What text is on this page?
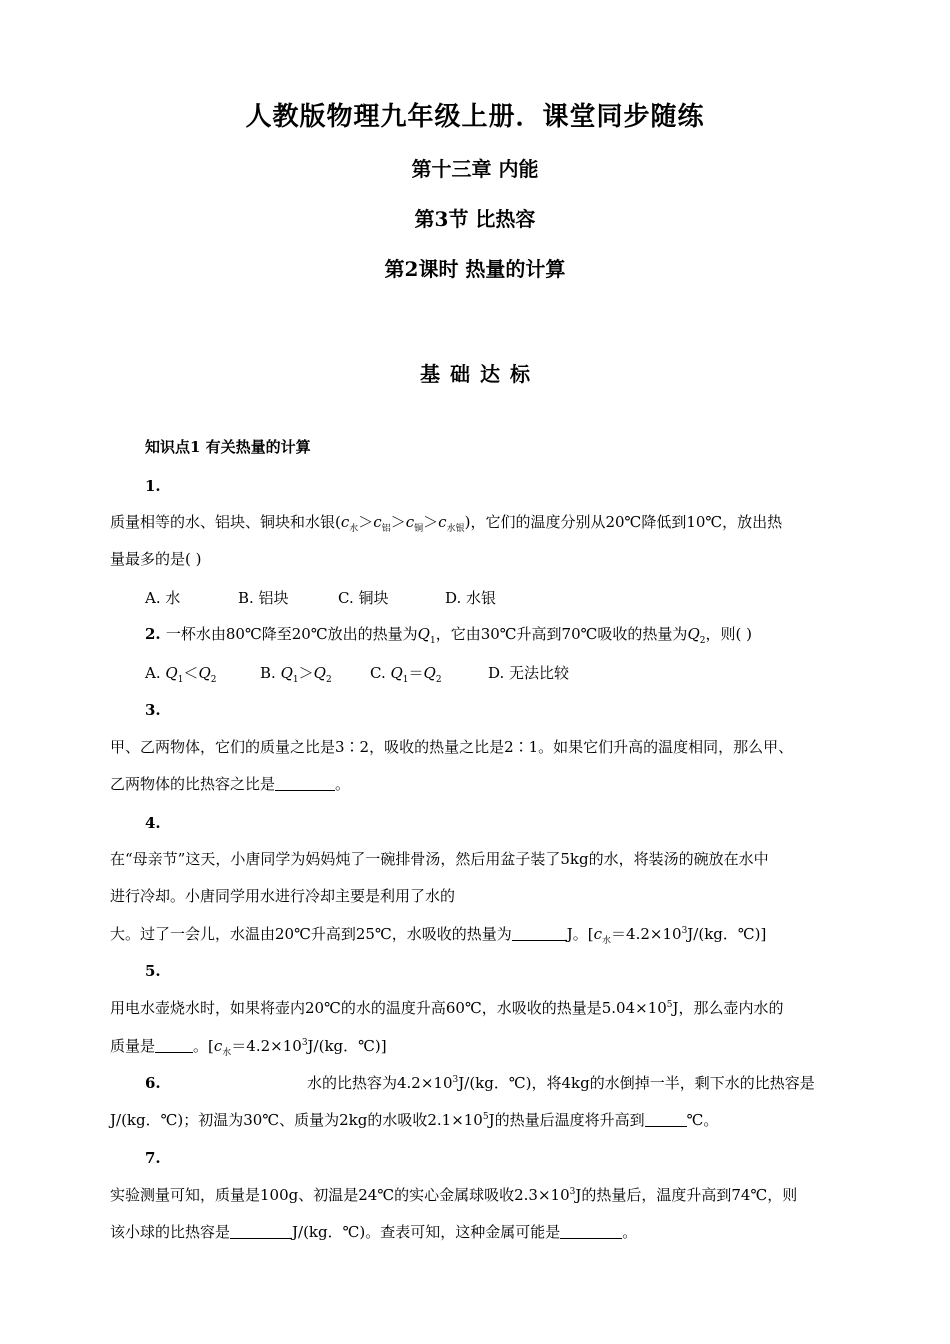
人教版物理九年级上册．课堂同步随练
第十三章 内能
第3节 比热容
第2课时 热量的计算
基础达标
知识点1 有关热量的计算
1.
质量相等的水、铝块、铜块和水银$(c_水>c_铝>c_铜>c_{水银})$，它们的温度分别从20℃降低到10℃，放出热
量最多的是( )
A. 水	B. 铝块	C. 铜块	D. 水银
2. 一杯水由80℃降至20℃放出的热量为$Q_1$，它由30℃升高到70℃吸收的热量为$Q_2$，则( )
A. $Q_1<Q_2$	B. $Q_1>Q_2$	C. $Q_1=Q_2$	D. 无法比较
3.
甲、乙两物体，它们的质量之比是3∶2，吸收的热量之比是2∶1。如果它们升高的温度相同，那么甲、
乙两物体的比热容之比是	。
4.
在“母亲节”这天，小唐同学为妈妈炖了一碗排骨汤，然后用盆子装了5kg的水，将装汤的碗放在水中
进行冷却。小唐同学用水进行冷却主要是利用了水的
大。过了一会儿，水温由20℃升高到25℃，水吸收的热量为	J。[$c_水=4.2\times 10^3J/(kg$．℃)]
5.
用电水壶烧水时，如果将壶内20℃的水的温度升高60℃，水吸收的热量是$5.04\times 10^5J$，那么壶内水的
质量是	。[$c_水=4.2\times 10^3J/(kg$．℃)]
6.	水的比热容为$4.2\times 10^3J/(kg$．℃)，将4kg的水倒掉一半，剩下水的比热容是
J/(kg．℃)；初温为30℃、质量为2kg的水吸收$2.1\times 10^5J$的热量后温度将升高到	℃。
7.
实验测量可知，质量是100g、初温是24℃的实心金属球吸收$2.3\times 10^3J$的热量后，温度升高到74℃，则
该小球的比热容是	J/(kg．℃)。查表可知，这种金属可能是	。
